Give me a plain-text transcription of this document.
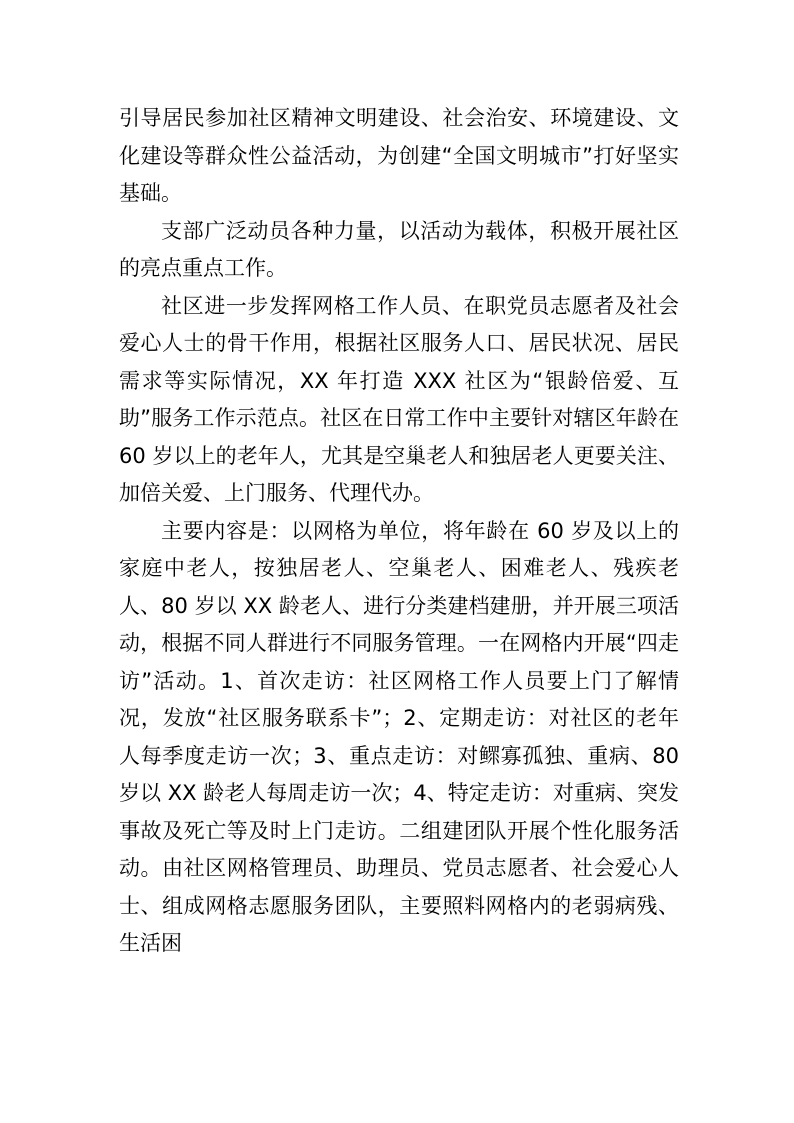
引导居民参加社区精神文明建设、社会治安、环境建设、文化建设等群众性公益活动，为创建“全国文明城市”打好坚实基础。

支部广泛动员各种力量，以活动为载体，积极开展社区的亮点重点工作。

社区进一步发挥网格工作人员、在职党员志愿者及社会爱心人士的骨干作用，根据社区服务人口、居民状况、居民需求等实际情况，XX 年打造 XXX 社区为“银龄倍爱、互助”服务工作示范点。社区在日常工作中主要针对辖区年龄在 60 岁以上的老年人，尤其是空巢老人和独居老人更要关注、加倍关爱、上门服务、代理代办。

主要内容是：以网格为单位，将年龄在 60 岁及以上的家庭中老人，按独居老人、空巢老人、困难老人、残疾老人、80 岁以 XX 龄老人、进行分类建档建册，并开展三项活动，根据不同人群进行不同服务管理。一在网格内开展“四走访”活动。1、首次走访：社区网格工作人员要上门了解情况，发放“社区服务联系卡”；2、定期走访：对社区的老年人每季度走访一次；3、重点走访：对鳏寡孤独、重病、80 岁以 XX 龄老人每周走访一次；4、特定走访：对重病、突发事故及死亡等及时上门走访。二组建团队开展个性化服务活动。由社区网格管理员、助理员、党员志愿者、社会爱心人士、组成网格志愿服务团队，主要照料网格内的老弱病残、生活困
